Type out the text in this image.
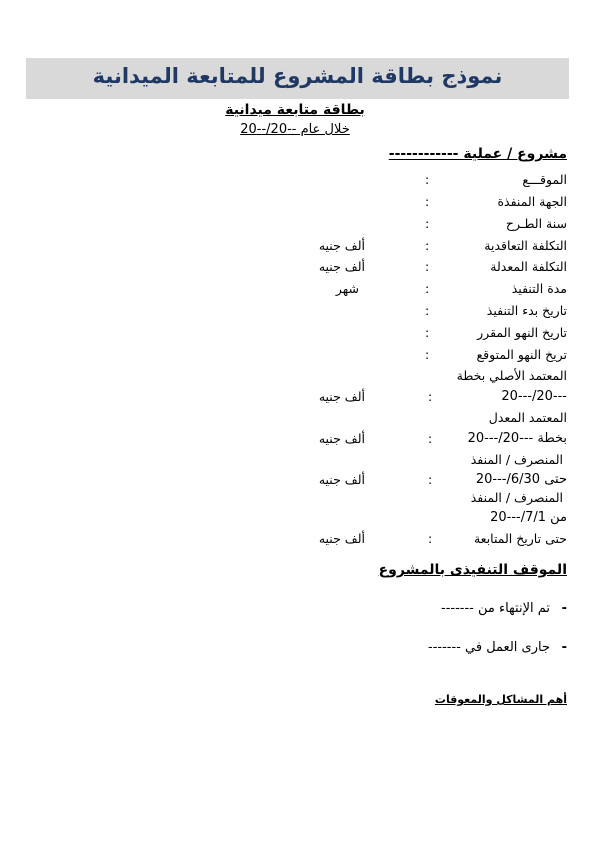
نموذج بطاقة المشروع للمتابعة الميدانية
بطاقة متابعة ميدانية
خلال عام --20/--20
مشروع / عملية ------------
الموقـــع
:
الجهة المنفذة
:
سنة الطـرح
:
التكلفة التعاقدية
:
ألف جنيه
التكلفة المعدلة
:
ألف جنيه
مدة التنفيذ
:
شهر
تاريخ بدء التنفيذ
:
تاريخ النهو المقرر
:
تريخ النهو المتوقع
:
المعتمد الأصلي بخطة
---20/---20
:
ألف جنيه
المعتمد المعدل
بخطة ---20/---20
:
ألف جنيه
المنصرف / المنفذ
حتى 6/30/---20
:
ألف جنيه
المنصرف / المنفذ
من 7/1/---20
حتى تاريخ المتابعة
:
ألف جنيه
الموقف التنفيذى بالمشروع
-
تم الإنتهاء من -------
-
جارى العمل في -------
أهم المشاكل والمعوقات
